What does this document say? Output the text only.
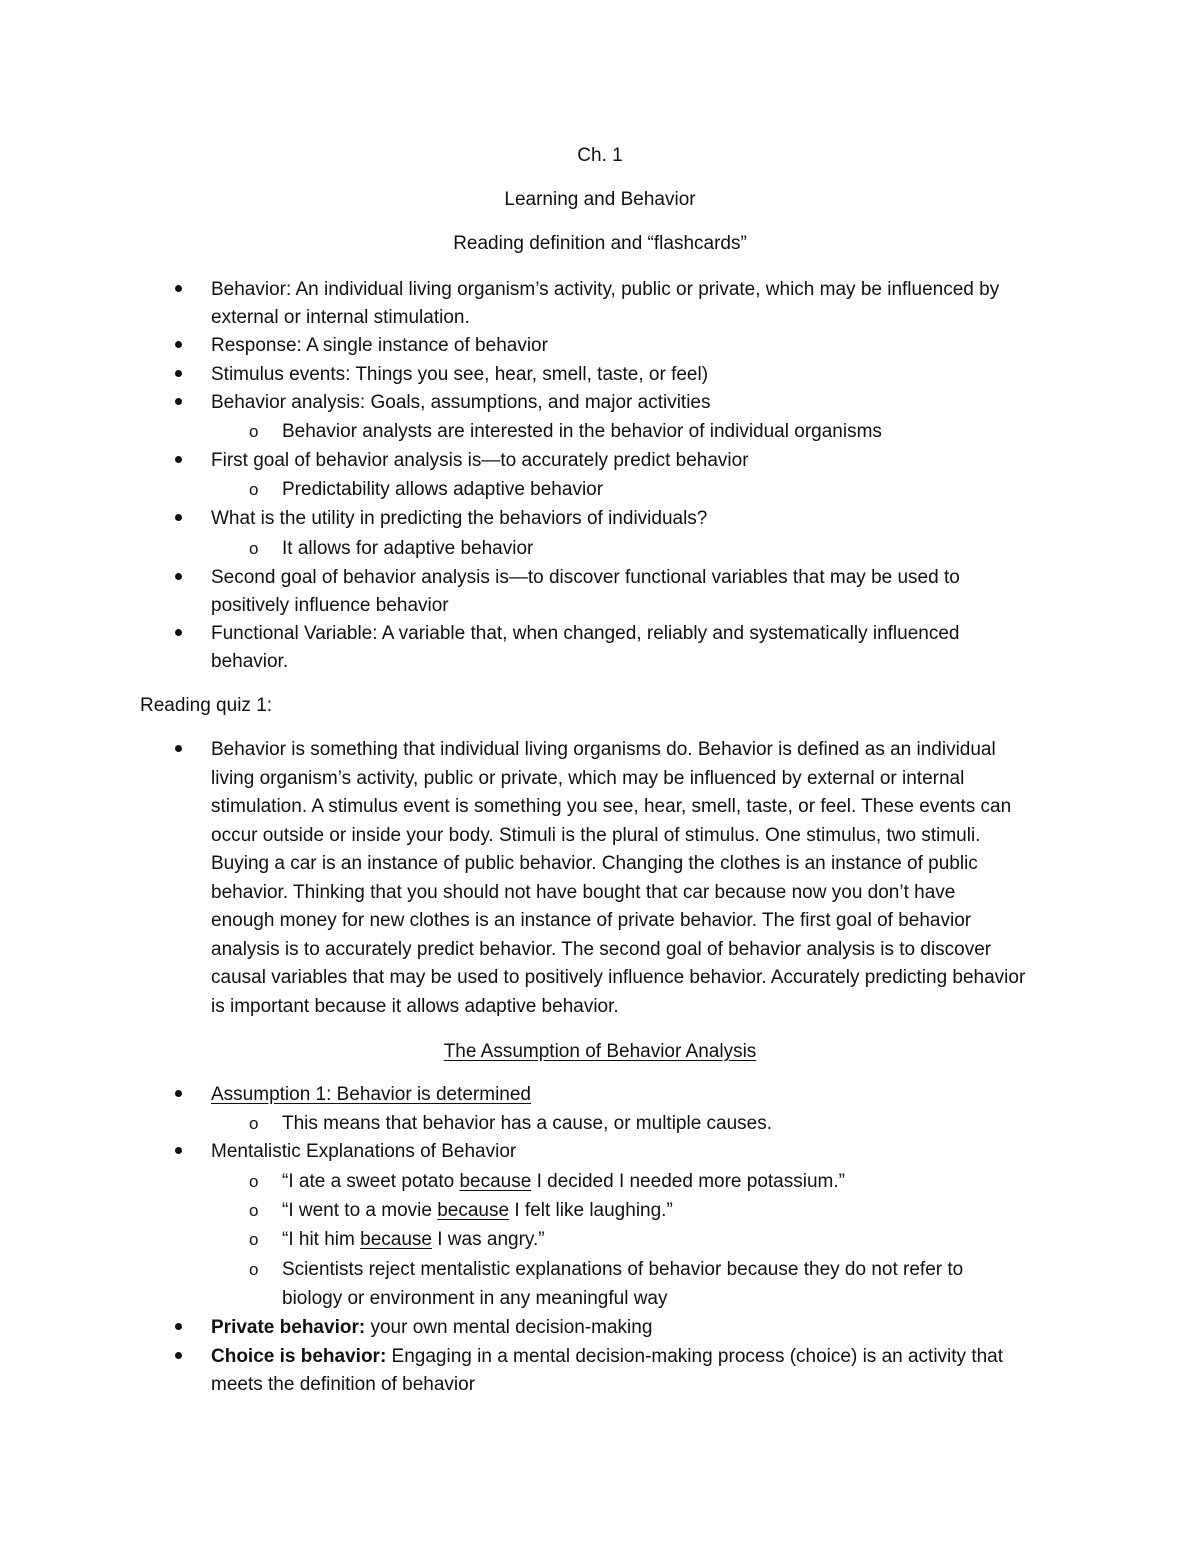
Ch. 1
Learning and Behavior
Reading definition and “flashcards”
Behavior: An individual living organism’s activity, public or private, which may be influenced by
external or internal stimulation.
Response: A single instance of behavior
Stimulus events: Things you see, hear, smell, taste, or feel)
Behavior analysis: Goals, assumptions, and major activities
o Behavior analysts are interested in the behavior of individual organisms
First goal of behavior analysis is—to accurately predict behavior
o Predictability allows adaptive behavior
What is the utility in predicting the behaviors of individuals?
o It allows for adaptive behavior
Second goal of behavior analysis is—to discover functional variables that may be used to
positively influence behavior
Functional Variable: A variable that, when changed, reliably and systematically influenced
behavior.
Reading quiz 1:
Behavior is something that individual living organisms do. Behavior is defined as an individual
living organism’s activity, public or private, which may be influenced by external or internal
stimulation. A stimulus event is something you see, hear, smell, taste, or feel. These events can
occur outside or inside your body. Stimuli is the plural of stimulus. One stimulus, two stimuli.
Buying a car is an instance of public behavior. Changing the clothes is an instance of public
behavior. Thinking that you should not have bought that car because now you don’t have
enough money for new clothes is an instance of private behavior. The first goal of behavior
analysis is to accurately predict behavior. The second goal of behavior analysis is to discover
causal variables that may be used to positively influence behavior. Accurately predicting behavior
is important because it allows adaptive behavior.
The Assumption of Behavior Analysis
Assumption 1: Behavior is determined
o This means that behavior has a cause, or multiple causes.
Mentalistic Explanations of Behavior
o “I ate a sweet potato because I decided I needed more potassium.”
o “I went to a movie because I felt like laughing.”
o “I hit him because I was angry.”
o Scientists reject mentalistic explanations of behavior because they do not refer to
biology or environment in any meaningful way
Private behavior: your own mental decision-making
Choice is behavior: Engaging in a mental decision-making process (choice) is an activity that
meets the definition of behavior
